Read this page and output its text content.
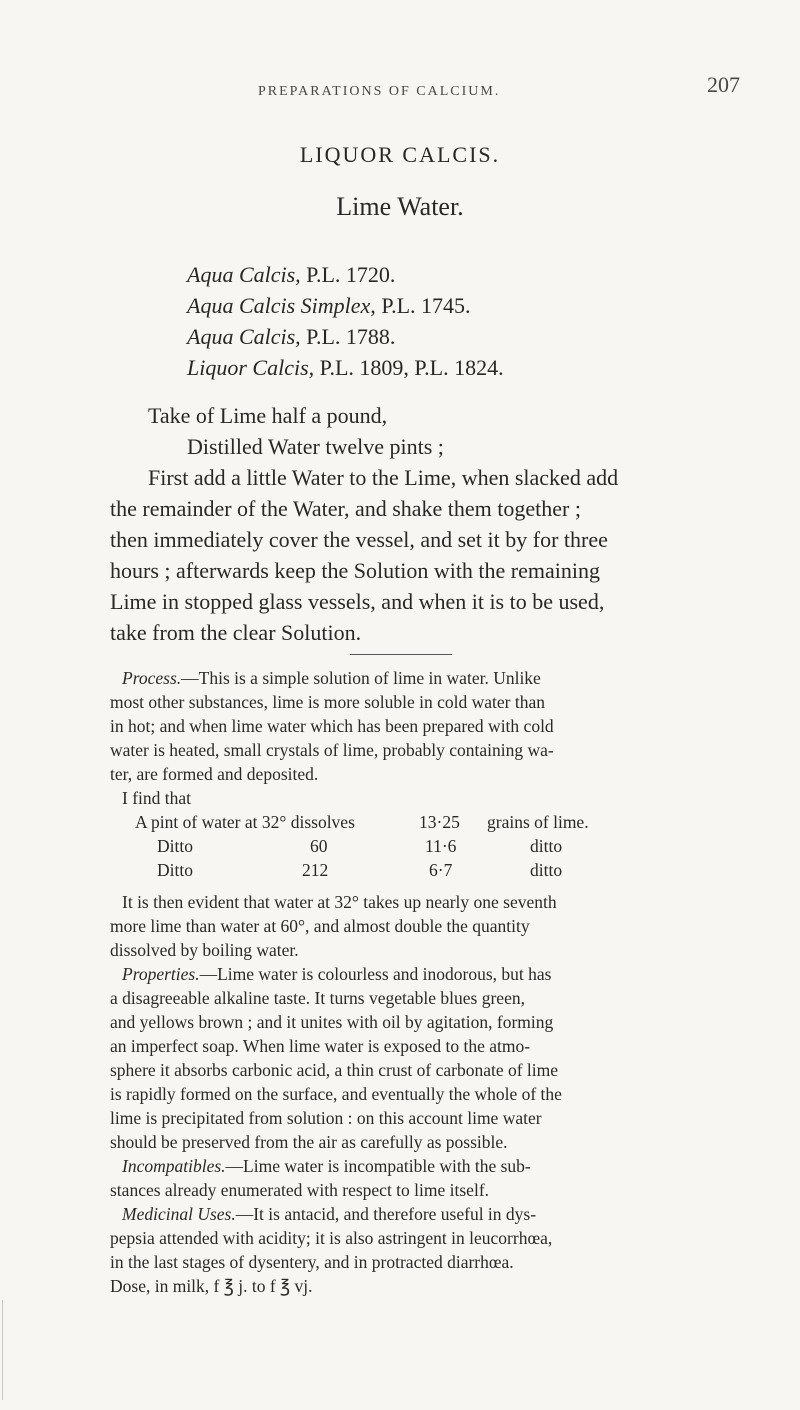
PREPARATIONS OF CALCIUM.	207
LIQUOR CALCIS.
Lime Water.
Aqua Calcis, P.L. 1720.
Aqua Calcis Simplex, P.L. 1745.
Aqua Calcis, P.L. 1788.
Liquor Calcis, P.L. 1809, P.L. 1824.
Take of Lime half a pound,
Distilled Water twelve pints ;
First add a little Water to the Lime, when slacked add
the remainder of the Water, and shake them together ;
then immediately cover the vessel, and set it by for three
hours ; afterwards keep the Solution with the remaining
Lime in stopped glass vessels, and when it is to be used,
take from the clear Solution.
Process.—This is a simple solution of lime in water. Unlike
most other substances, lime is more soluble in cold water than
in hot; and when lime water which has been prepared with cold
water is heated, small crystals of lime, probably containing wa-
ter, are formed and deposited.
I find that
A pint of water at 32° dissolves	13·25 grains of lime.
Ditto	60	11·6	ditto
Ditto	212	6·7	ditto
It is then evident that water at 32° takes up nearly one seventh
more lime than water at 60°, and almost double the quantity
dissolved by boiling water.
Properties.—Lime water is colourless and inodorous, but has
a disagreeable alkaline taste. It turns vegetable blues green,
and yellows brown ; and it unites with oil by agitation, forming
an imperfect soap. When lime water is exposed to the atmo-
sphere it absorbs carbonic acid, a thin crust of carbonate of lime
is rapidly formed on the surface, and eventually the whole of the
lime is precipitated from solution : on this account lime water
should be preserved from the air as carefully as possible.
Incompatibles.—Lime water is incompatible with the sub-
stances already enumerated with respect to lime itself.
Medicinal Uses.—It is antacid, and therefore useful in dys-
pepsia attended with acidity; it is also astringent in leucorrhœa,
in the last stages of dysentery, and in protracted diarrhœa.
Dose, in milk, f ℥ j. to f ℥ vj.
